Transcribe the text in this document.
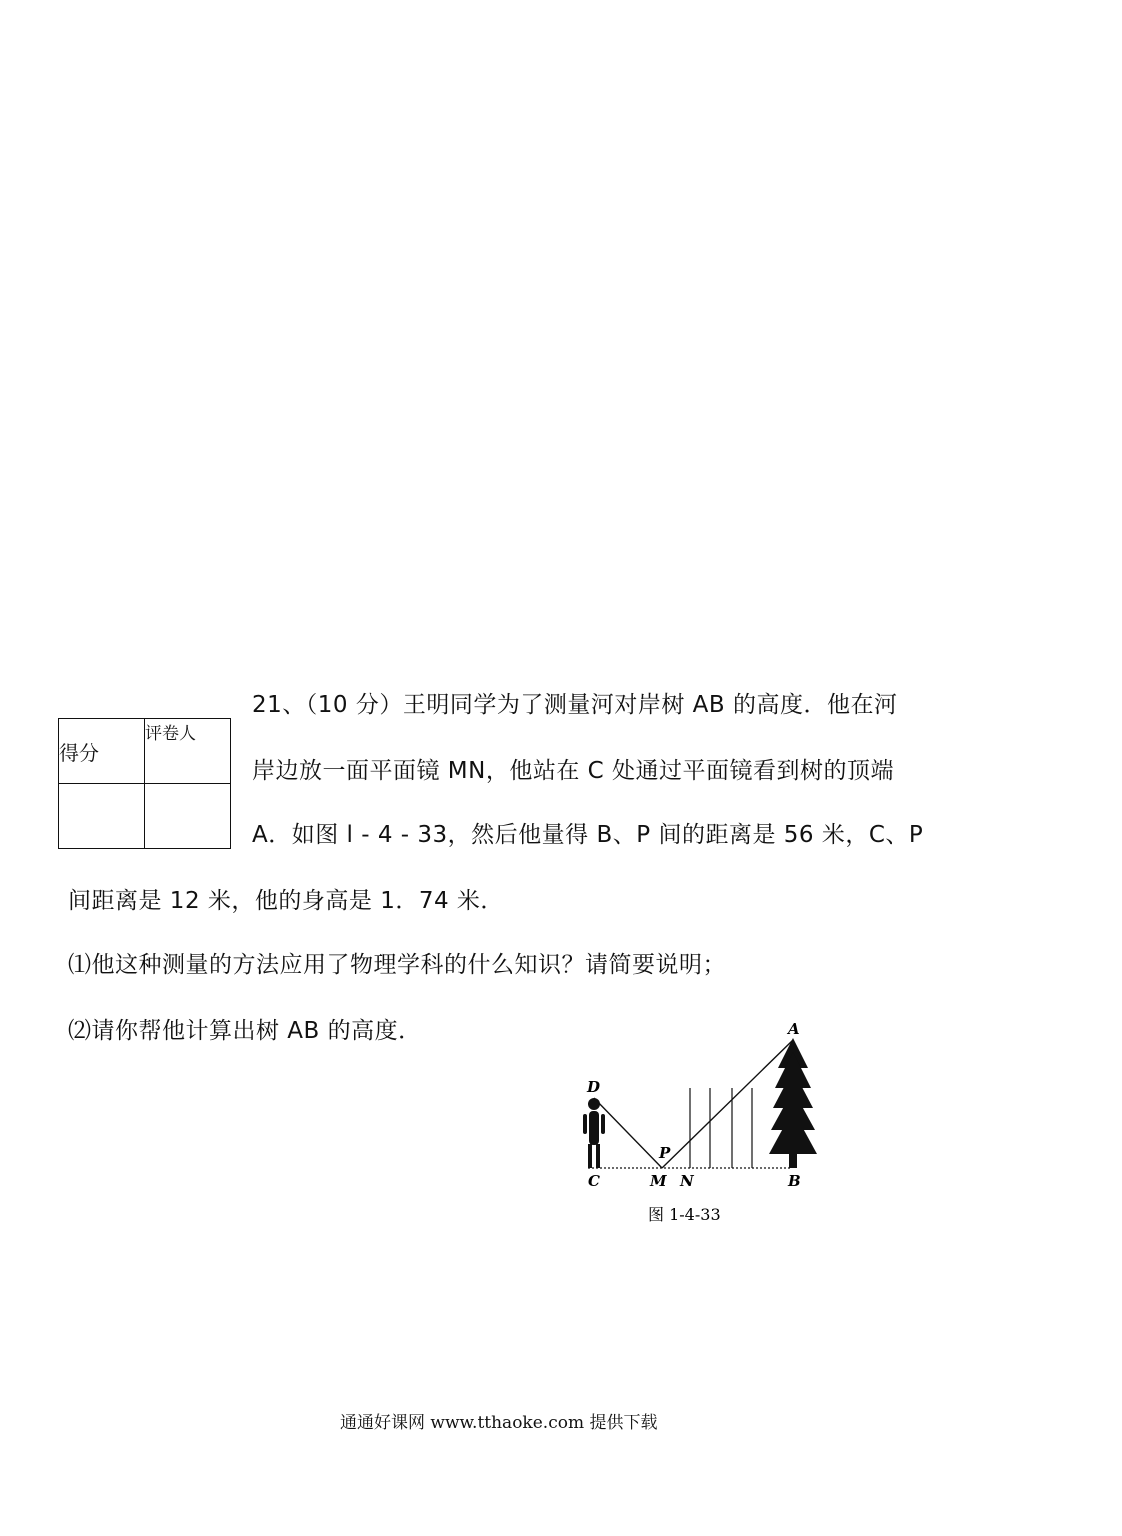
得分	评卷人

21、（10 分）王明同学为了测量河对岸树 AB 的高度．他在河
岸边放一面平面镜 MN，他站在 C 处通过平面镜看到树的顶端
A．如图 l - 4 - 33，然后他量得 B、P 间的距离是 56 米，C、P
间距离是 12 米，他的身高是 1．74 米．
⑴他这种测量的方法应用了物理学科的什么知识？请简要说明；
⑵请你帮他计算出树 AB 的高度．	A
B
C
D
M N
P
图 1-4-33
通通好课网 www.tthaoke.com 提供下载
